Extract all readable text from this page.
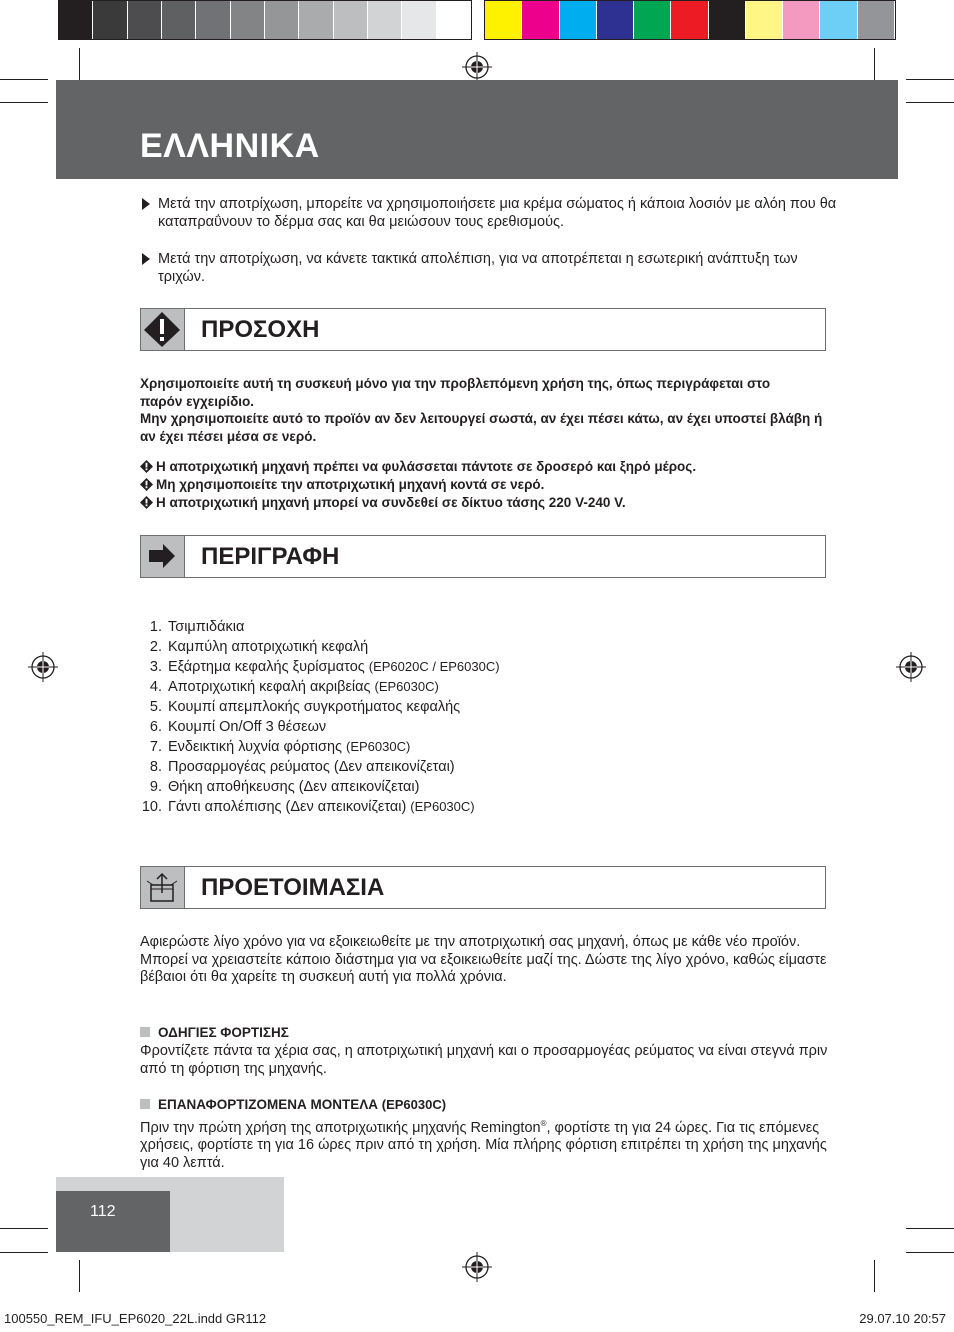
ΕΛΛΗΝΙΚΑ
Μετά την αποτρίχωση, μπορείτε να χρησιμοποιήσετε μια κρέμα σώματος ή κάποια λοσιόν με αλόη που θα καταπραΰνουν το δέρμα σας και θα μειώσουν τους ερεθισμούς.
Μετά την αποτρίχωση, να κάνετε τακτικά απολέπιση, για να αποτρέπεται η εσωτερική ανάπτυξη των τριχών.
ΠΡΟΣΟΧΗ
Χρησιμοποιείτε αυτή τη συσκευή μόνο για την προβλεπόμενη χρήση της, όπως περιγράφεται στο παρόν εγχειρίδιο.
Μην χρησιμοποιείτε αυτό το προϊόν αν δεν λειτουργεί σωστά, αν έχει πέσει κάτω, αν έχει υποστεί βλάβη ή αν έχει πέσει μέσα σε νερό.
Η αποτριχωτική μηχανή πρέπει να φυλάσσεται πάντοτε σε δροσερό και ξηρό μέρος.
Μη χρησιμοποιείτε την αποτριχωτική μηχανή κοντά σε νερό.
Η αποτριχωτική μηχανή μπορεί να συνδεθεί σε δίκτυο τάσης 220 V-240 V.
ΠΕΡΙΓΡΑΦΗ
1. Τσιμπιδάκια
2. Καμπύλη αποτριχωτική κεφαλή
3. Εξάρτημα κεφαλής ξυρίσματος (EP6020C / EP6030C)
4. Αποτριχωτική κεφαλή ακριβείας (EP6030C)
5. Κουμπί απεμπλοκής συγκροτήματος κεφαλής
6. Κουμπί On/Off 3 θέσεων
7. Ενδεικτική λυχνία φόρτισης (EP6030C)
8. Προσαρμογέας ρεύματος (Δεν απεικονίζεται)
9. Θήκη αποθήκευσης (Δεν απεικονίζεται)
10. Γάντι απολέπισης (Δεν απεικονίζεται) (EP6030C)
ΠΡΟΕΤΟΙΜΑΣΙΑ
Αφιερώστε λίγο χρόνο για να εξοικειωθείτε με την αποτριχωτική σας μηχανή, όπως με κάθε νέο προϊόν. Μπορεί να χρειαστείτε κάποιο διάστημα για να εξοικειωθείτε μαζί της. Δώστε της λίγο χρόνο, καθώς είμαστε βέβαιοι ότι θα χαρείτε τη συσκευή αυτή για πολλά χρόνια.
ΟΔΗΓΙΕΣ ΦΟΡΤΙΣΗΣ
Φροντίζετε πάντα τα χέρια σας, η αποτριχωτική μηχανή και ο προσαρμογέας ρεύματος να είναι στεγνά πριν από τη φόρτιση της μηχανής.
ΕΠΑΝΑΦΟΡΤΙΖΟΜΕΝΑ ΜΟΝΤΕΛΑ (EP6030C)
Πριν την πρώτη χρήση της αποτριχωτικής μηχανής Remington®, φορτίστε τη για 24 ώρες. Για τις επόμενες χρήσεις, φορτίστε τη για 16 ώρες πριν από τη χρήση. Μία πλήρης φόρτιση επιτρέπει τη χρήση της μηχανής για 40 λεπτά.
112
100550_REM_IFU_EP6020_22L.indd GR112	29.07.10 20:57
